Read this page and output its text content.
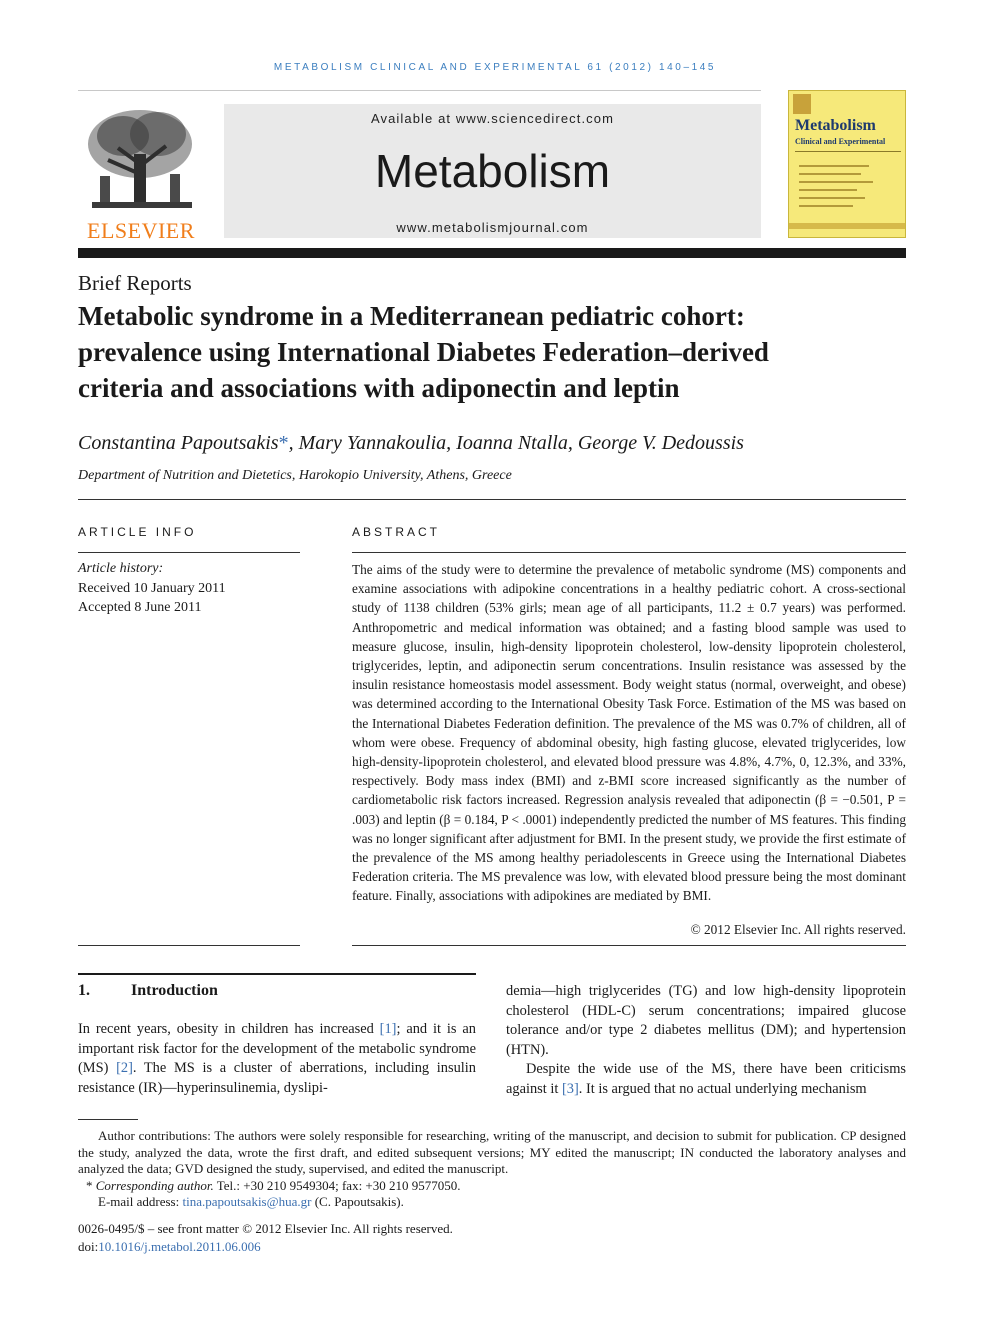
METABOLISM CLINICAL AND EXPERIMENTAL 61 (2012) 140–145
ELSEVIER
Available at www.sciencedirect.com
Metabolism
www.metabolismjournal.com
Metabolism
Clinical and Experimental
Brief Reports
Metabolic syndrome in a Mediterranean pediatric cohort:
prevalence using International Diabetes Federation–derived
criteria and associations with adiponectin and leptin
Constantina Papoutsakis*, Mary Yannakoulia, Ioanna Ntalla, George V. Dedoussis
Department of Nutrition and Dietetics, Harokopio University, Athens, Greece
ARTICLE INFO
Article history:
Received 10 January 2011
Accepted 8 June 2011
ABSTRACT
The aims of the study were to determine the prevalence of metabolic syndrome (MS) components and examine associations with adipokine concentrations in a healthy pediatric cohort. A cross-sectional study of 1138 children (53% girls; mean age of all participants, 11.2 ± 0.7 years) was performed. Anthropometric and medical information was obtained; and a fasting blood sample was used to measure glucose, insulin, high-density lipoprotein cholesterol, low-density lipoprotein cholesterol, triglycerides, leptin, and adiponectin serum concentrations. Insulin resistance was assessed by the insulin resistance homeostasis model assessment. Body weight status (normal, overweight, and obese) was determined according to the International Obesity Task Force. Estimation of the MS was based on the International Diabetes Federation definition. The prevalence of the MS was 0.7% of children, all of whom were obese. Frequency of abdominal obesity, high fasting glucose, elevated triglycerides, low high-density-lipoprotein cholesterol, and elevated blood pressure was 4.8%, 4.7%, 0, 12.3%, and 33%, respectively. Body mass index (BMI) and z-BMI score increased significantly as the number of cardiometabolic risk factors increased. Regression analysis revealed that adiponectin (β = −0.501, P = .003) and leptin (β = 0.184, P < .0001) independently predicted the number of MS features. This finding was no longer significant after adjustment for BMI. In the present study, we provide the first estimate of the prevalence of the MS among healthy periadolescents in Greece using the International Diabetes Federation criteria. The MS prevalence was low, with elevated blood pressure being the most dominant feature. Finally, associations with adipokines are mediated by BMI.
© 2012 Elsevier Inc. All rights reserved.
1.	Introduction
In recent years, obesity in children has increased [1]; and it is an important risk factor for the development of the metabolic syndrome (MS) [2]. The MS is a cluster of aberrations, including insulin resistance (IR)—hyperinsulinemia, dyslipi-
demia—high triglycerides (TG) and low high-density lipoprotein cholesterol (HDL-C) serum concentrations; impaired glucose tolerance and/or type 2 diabetes mellitus (DM); and hypertension (HTN).
Despite the wide use of the MS, there have been criticisms against it [3]. It is argued that no actual underlying mechanism
Author contributions: The authors were solely responsible for researching, writing of the manuscript, and decision to submit for publication. CP designed the study, analyzed the data, wrote the first draft, and edited subsequent versions; MY edited the manuscript; IN conducted the laboratory analyses and analyzed the data; GVD designed the study, supervised, and edited the manuscript.
* Corresponding author. Tel.: +30 210 9549304; fax: +30 210 9577050.
E-mail address: tina.papoutsakis@hua.gr (C. Papoutsakis).
0026-0495/$ – see front matter © 2012 Elsevier Inc. All rights reserved.
doi:10.1016/j.metabol.2011.06.006
